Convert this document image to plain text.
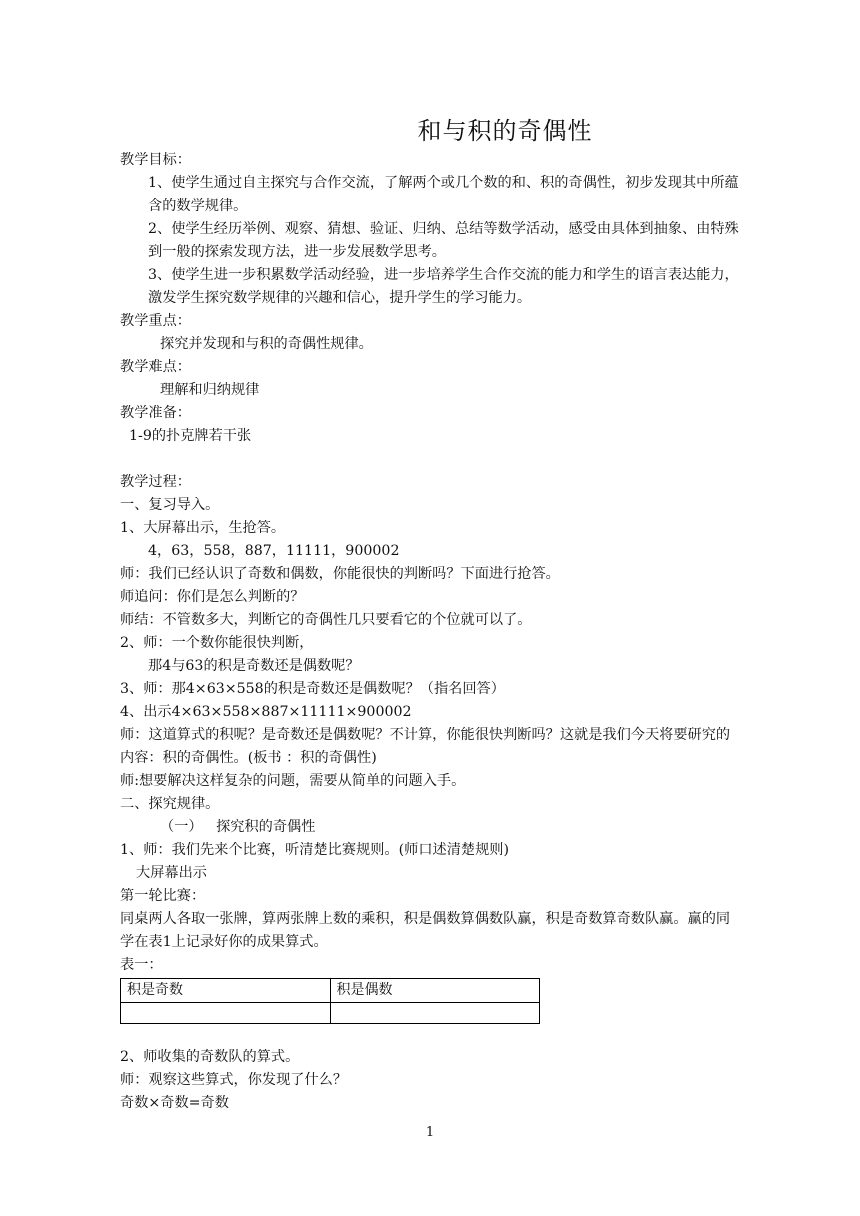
和与积的奇偶性

教学目标：

1、使学生通过自主探究与合作交流，了解两个或几个数的和、积的奇偶性，初步发现其中所蕴含的数学规律。

2、使学生经历举例、观察、猜想、验证、归纳、总结等数学活动，感受由具体到抽象、由特殊到一般的探索发现方法，进一步发展数学思考。

3、使学生进一步积累数学活动经验，进一步培养学生合作交流的能力和学生的语言表达能力，激发学生探究数学规律的兴趣和信心，提升学生的学习能力。

教学重点：

探究并发现和与积的奇偶性规律。

教学难点：

理解和归纳规律

教学准备：

1-9的扑克牌若干张

教学过程：

一、复习导入。

1、大屏幕出示，生抢答。

4，63，558，887，11111，900002

师：我们已经认识了奇数和偶数，你能很快的判断吗？下面进行抢答。

师追问：你们是怎么判断的？

师结：不管数多大，判断它的奇偶性几只要看它的个位就可以了。

2、师：一个数你能很快判断，

那4与63的积是奇数还是偶数呢？

3、师：那4×63×558的积是奇数还是偶数呢？（指名回答）

4、出示4×63×558×887×11111×900002

师：这道算式的积呢？是奇数还是偶数呢？不计算，你能很快判断吗？这就是我们今天将要研究的内容：积的奇偶性。(板书 ：积的奇偶性)

师:想要解决这样复杂的问题，需要从简单的问题入手。

二、探究规律。

（一）   探究积的奇偶性

1、师：我们先来个比赛，听清楚比赛规则。(师口述清楚规则)

大屏幕出示

第一轮比赛：

同桌两人各取一张牌，算两张牌上数的乘积，积是偶数算偶数队赢，积是奇数算奇数队赢。赢的同学在表1上记录好你的成果算式。

表一：

积是奇数	积是偶数

2、师收集的奇数队的算式。

师：观察这些算式，你发现了什么？

奇数×奇数=奇数

1
